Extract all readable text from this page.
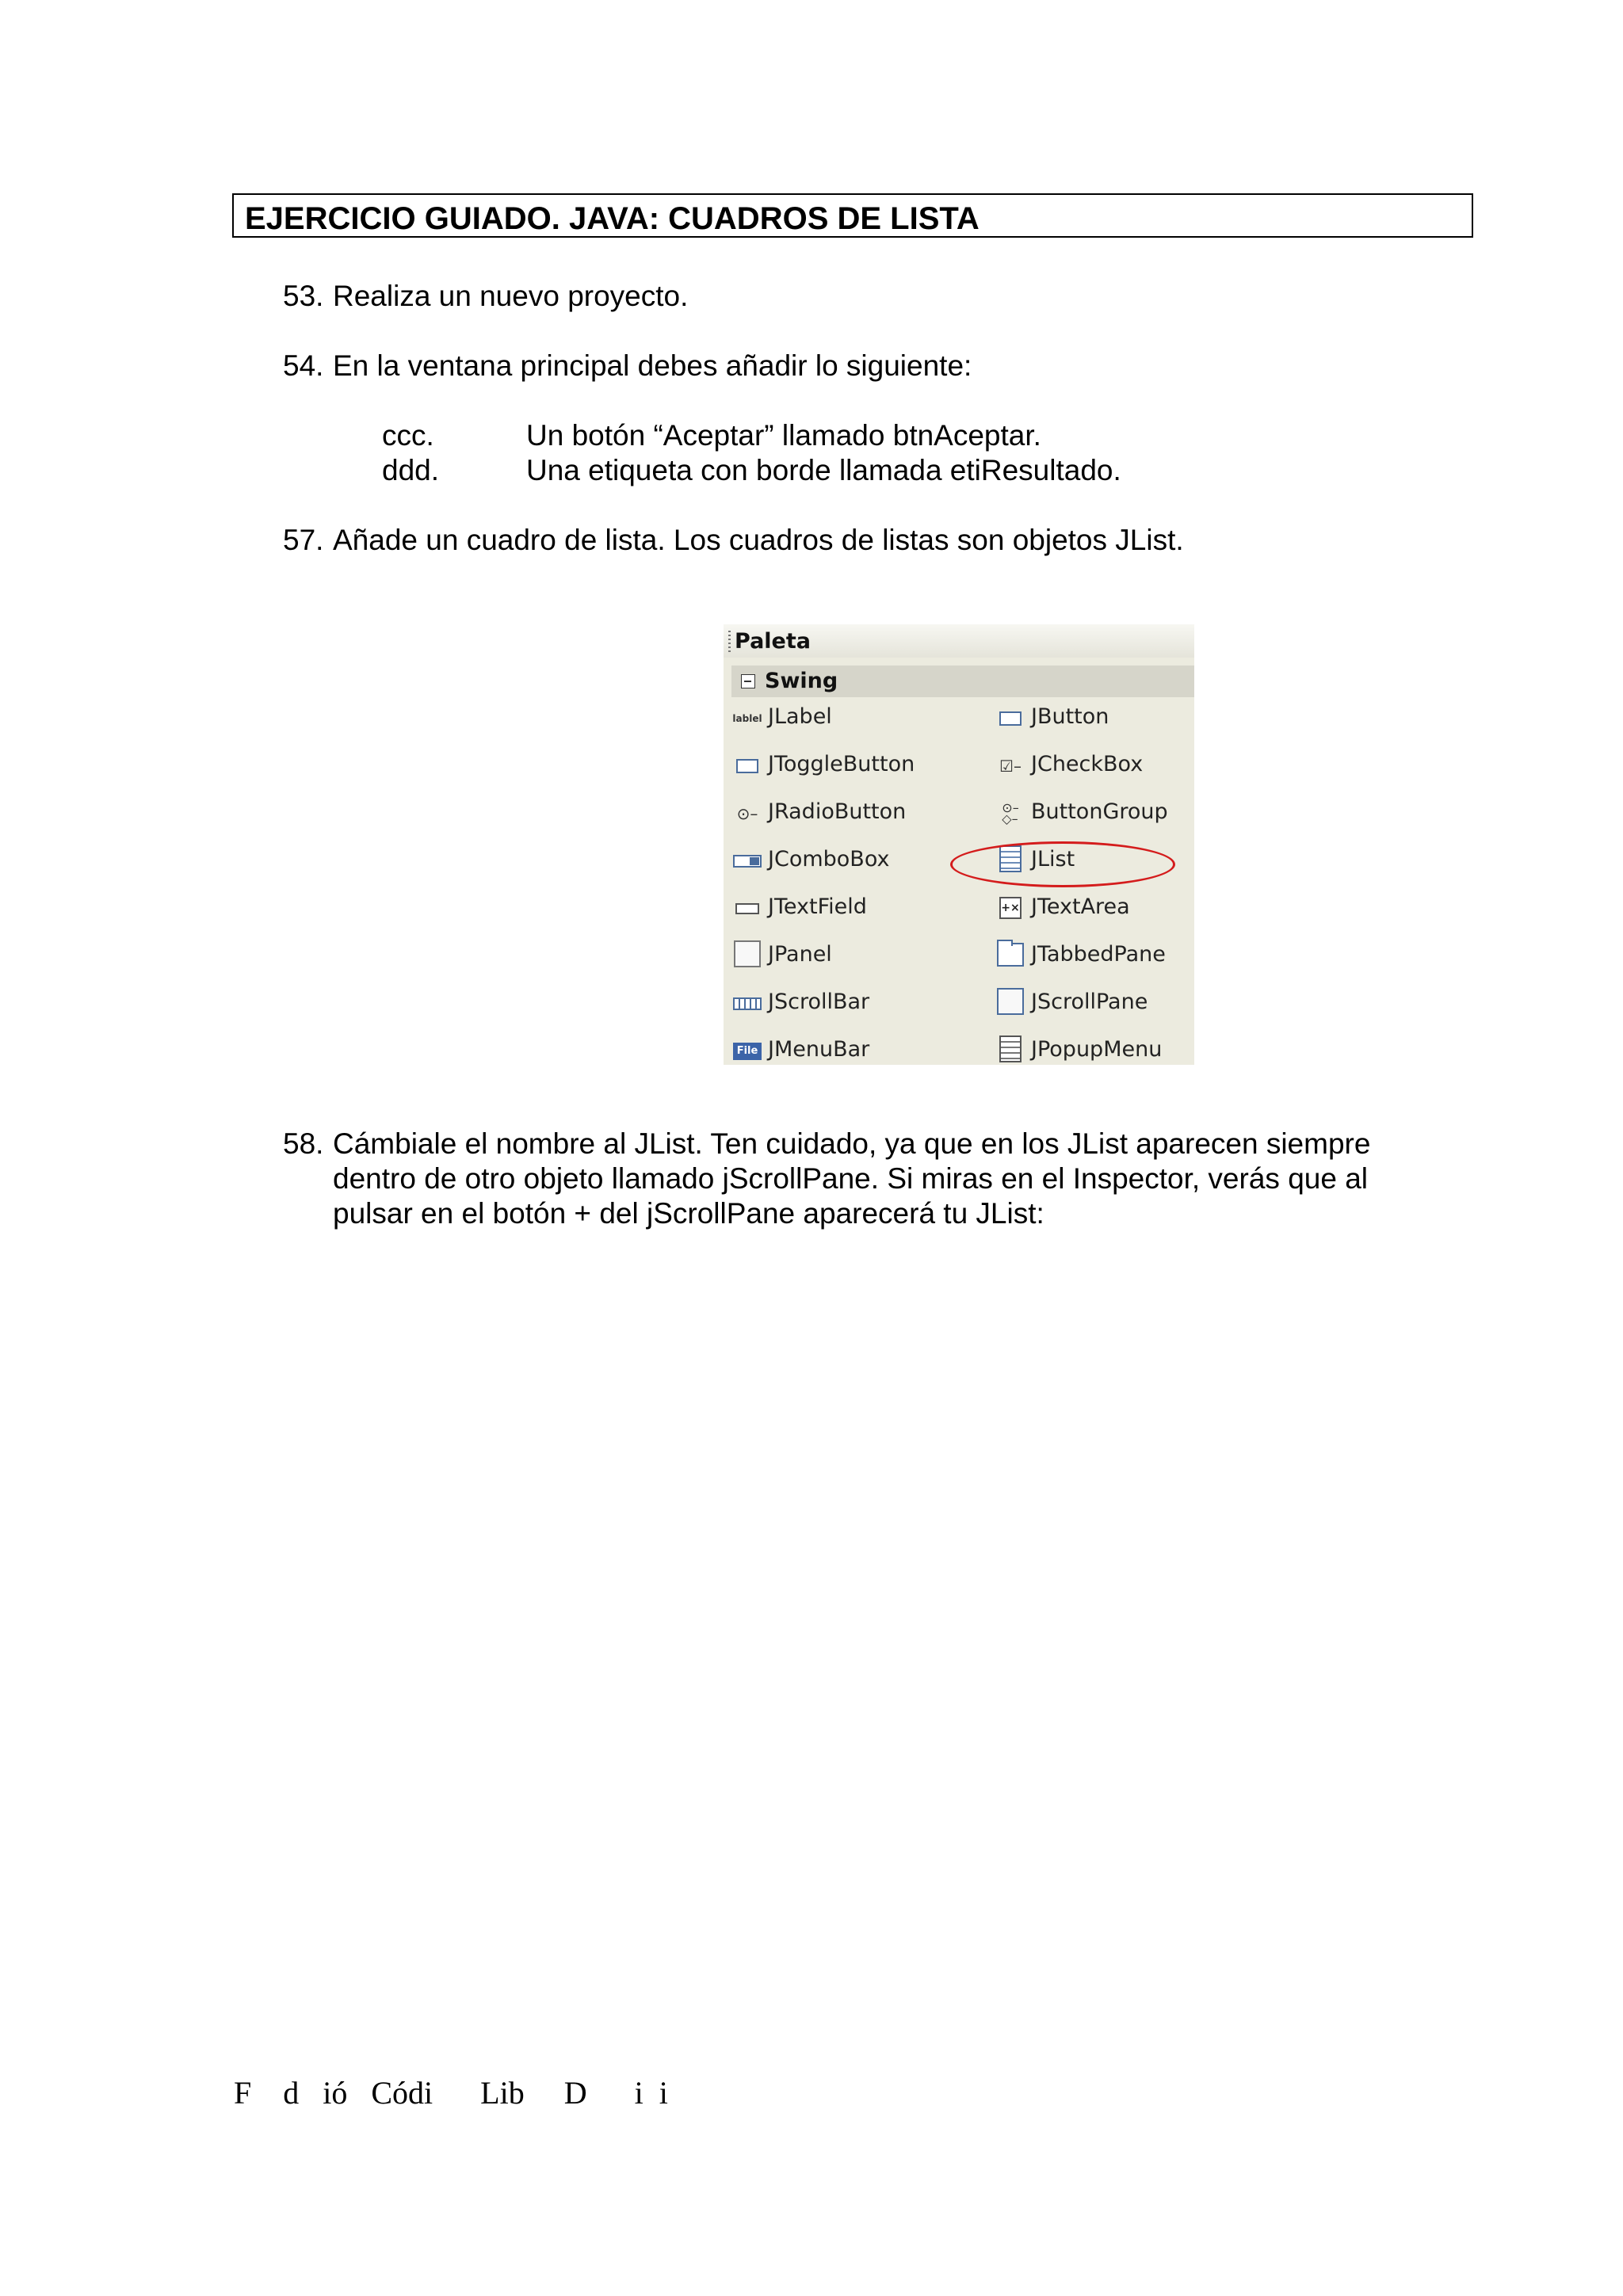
EJERCICIO GUIADO. JAVA: CUADROS DE LISTA
53. Realiza un nuevo proyecto.
54. En la ventana principal debes añadir lo siguiente:
ccc.	Un botón “Aceptar” llamado btnAceptar.
ddd.	Una etiqueta con borde llamada etiResultado.
57. Añade un cuadro de lista. Los cuadros de listas son objetos JList.
Paleta
Swing
lablel JLabel
JToggleButton
⊙– JRadioButton
JComboBox
JTextField
JPanel
JScrollBar
File JMenuBar
JButton
☑– JCheckBox
⊙–
◇– ButtonGroup
JList
+× JTextArea
JTabbedPane
JScrollPane
JPopupMenu
58. Cámbiale el nombre al JList. Ten cuidado, ya que en los JList aparecen siempre
dentro de otro objeto llamado jScrollPane. Si miras en el Inspector, verás que al
pulsar en el botón + del jScrollPane aparecerá tu JList:
F    d   ió   Códi      Lib     D      i  i
